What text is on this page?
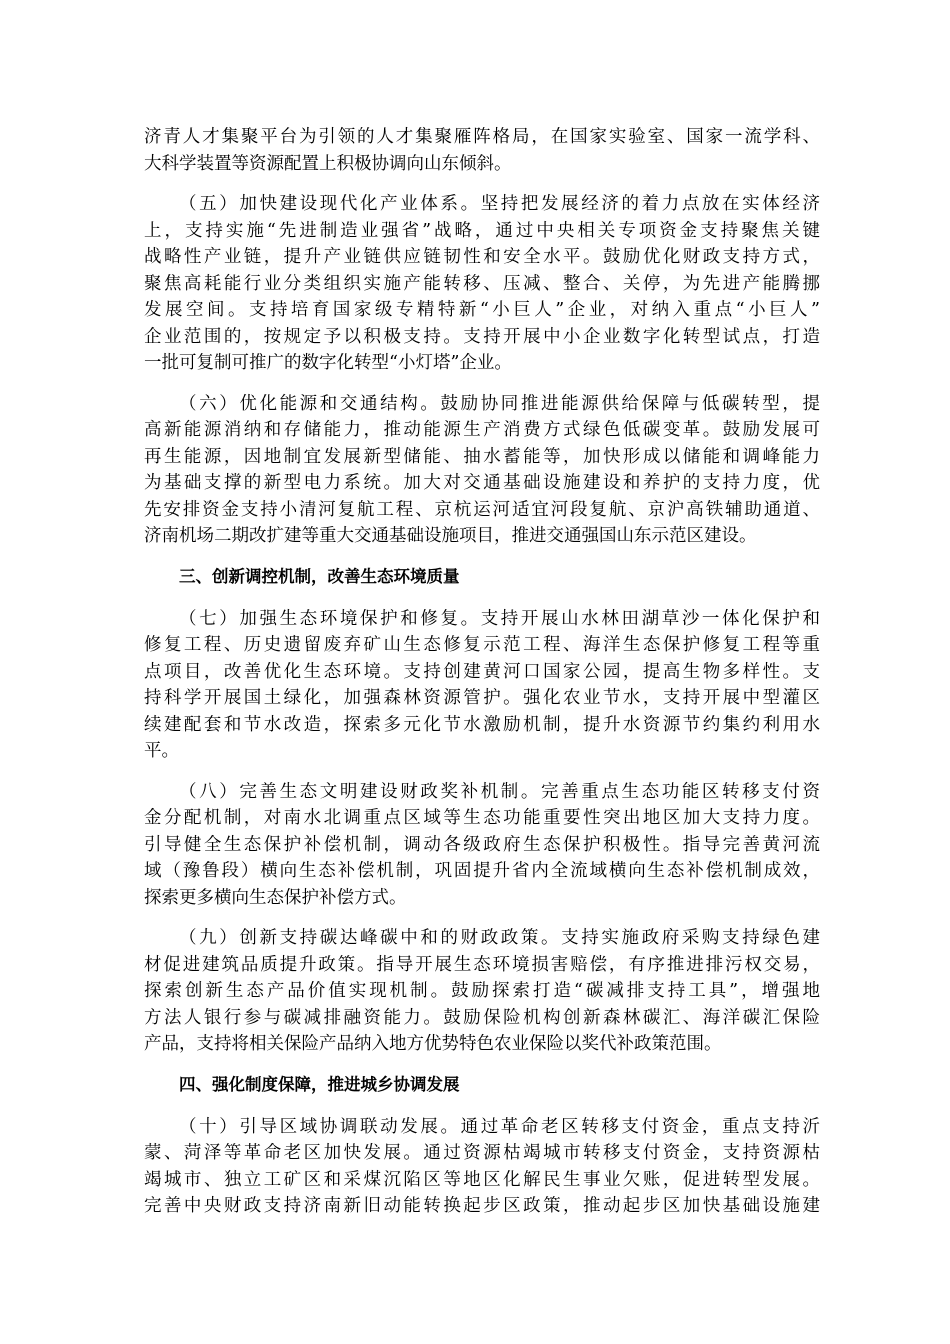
济青人才集聚平台为引领的人才集聚雁阵格局，在国家实验室、国家一流学科、
大科学装置等资源配置上积极协调向山东倾斜。
（五）加快建设现代化产业体系。坚持把发展经济的着力点放在实体经济
上，支持实施“先进制造业强省”战略，通过中央相关专项资金支持聚焦关键
战略性产业链，提升产业链供应链韧性和安全水平。鼓励优化财政支持方式，
聚焦高耗能行业分类组织实施产能转移、压减、整合、关停，为先进产能腾挪
发展空间。支持培育国家级专精特新“小巨人”企业，对纳入重点“小巨人”
企业范围的，按规定予以积极支持。支持开展中小企业数字化转型试点，打造
一批可复制可推广的数字化转型“小灯塔”企业。
（六）优化能源和交通结构。鼓励协同推进能源供给保障与低碳转型，提
高新能源消纳和存储能力，推动能源生产消费方式绿色低碳变革。鼓励发展可
再生能源，因地制宜发展新型储能、抽水蓄能等，加快形成以储能和调峰能力
为基础支撑的新型电力系统。加大对交通基础设施建设和养护的支持力度，优
先安排资金支持小清河复航工程、京杭运河适宜河段复航、京沪高铁辅助通道、
济南机场二期改扩建等重大交通基础设施项目，推进交通强国山东示范区建设。
三、创新调控机制，改善生态环境质量
（七）加强生态环境保护和修复。支持开展山水林田湖草沙一体化保护和
修复工程、历史遗留废弃矿山生态修复示范工程、海洋生态保护修复工程等重
点项目，改善优化生态环境。支持创建黄河口国家公园，提高生物多样性。支
持科学开展国土绿化，加强森林资源管护。强化农业节水，支持开展中型灌区
续建配套和节水改造，探索多元化节水激励机制，提升水资源节约集约利用水
平。
（八）完善生态文明建设财政奖补机制。完善重点生态功能区转移支付资
金分配机制，对南水北调重点区域等生态功能重要性突出地区加大支持力度。
引导健全生态保护补偿机制，调动各级政府生态保护积极性。指导完善黄河流
域（豫鲁段）横向生态补偿机制，巩固提升省内全流域横向生态补偿机制成效，
探索更多横向生态保护补偿方式。
（九）创新支持碳达峰碳中和的财政政策。支持实施政府采购支持绿色建
材促进建筑品质提升政策。指导开展生态环境损害赔偿，有序推进排污权交易，
探索创新生态产品价值实现机制。鼓励探索打造“碳减排支持工具”，增强地
方法人银行参与碳减排融资能力。鼓励保险机构创新森林碳汇、海洋碳汇保险
产品，支持将相关保险产品纳入地方优势特色农业保险以奖代补政策范围。
四、强化制度保障，推进城乡协调发展
（十）引导区域协调联动发展。通过革命老区转移支付资金，重点支持沂
蒙、菏泽等革命老区加快发展。通过资源枯竭城市转移支付资金，支持资源枯
竭城市、独立工矿区和采煤沉陷区等地区化解民生事业欠账，促进转型发展。
完善中央财政支持济南新旧动能转换起步区政策，推动起步区加快基础设施建
